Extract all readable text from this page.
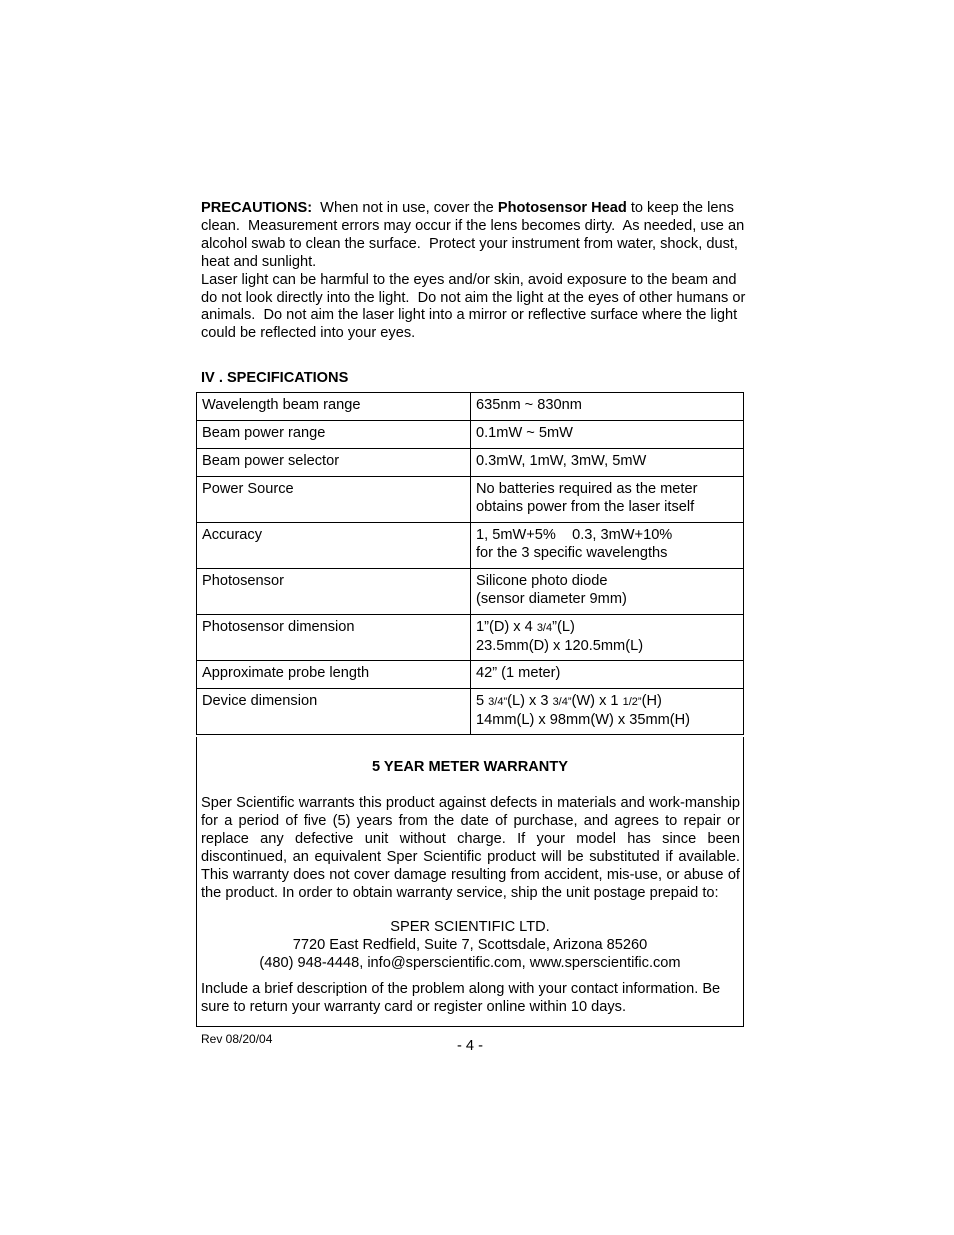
PRECAUTIONS:  When not in use, cover the Photosensor Head to keep the lens clean.  Measurement errors may occur if the lens becomes dirty.  As needed, use an alcohol swab to clean the surface.  Protect your instrument from water, shock, dust, heat and sunlight.

Laser light can be harmful to the eyes and/or skin, avoid exposure to the beam and do not look directly into the light.  Do not aim the light at the eyes of other humans or animals.  Do not aim the laser light into a mirror or reflective surface where the light could be reflected into your eyes.

IV . SPECIFICATIONS
Wavelength beam range	635nm ~ 830nm

Beam power range	0.1mW ~ 5mW

Beam power selector	0.3mW, 1mW, 3mW, 5mW

Power Source	No batteries required as the meter
obtains power from the laser itself

Accuracy	1, 5mW+5%    0.3, 3mW+10%
for the 3 specific wavelengths

Photosensor	Silicone photo diode
(sensor diameter 9mm)

Photosensor dimension	1”(D) x 4 3/4”(L)
23.5mm(D) x 120.5mm(L)

Approximate probe length	42” (1 meter)

Device dimension	5 3/4”(L) x 3 3/4”(W) x 1 1/2”(H)
14mm(L) x 98mm(W) x 35mm(H)
5 YEAR METER WARRANTY
Sper Scientific warrants this product against defects in materials and work-manship for a period of five (5) years from the date of purchase, and agrees to repair or replace any defective unit without charge. If your model has since been discontinued, an equivalent Sper Scientific product will be substituted if available. This warranty does not cover damage resulting from accident, mis-use, or abuse of the product. In order to obtain warranty service, ship the unit postage prepaid to:
SPER SCIENTIFIC LTD.
7720 East Redfield, Suite 7, Scottsdale, Arizona 85260
(480) 948-4448, info@sperscientific.com, www.sperscientific.com
Include a brief description of the problem along with your contact information. Be sure to return your warranty card or register online within 10 days.
Rev 08/20/04	- 4 -
